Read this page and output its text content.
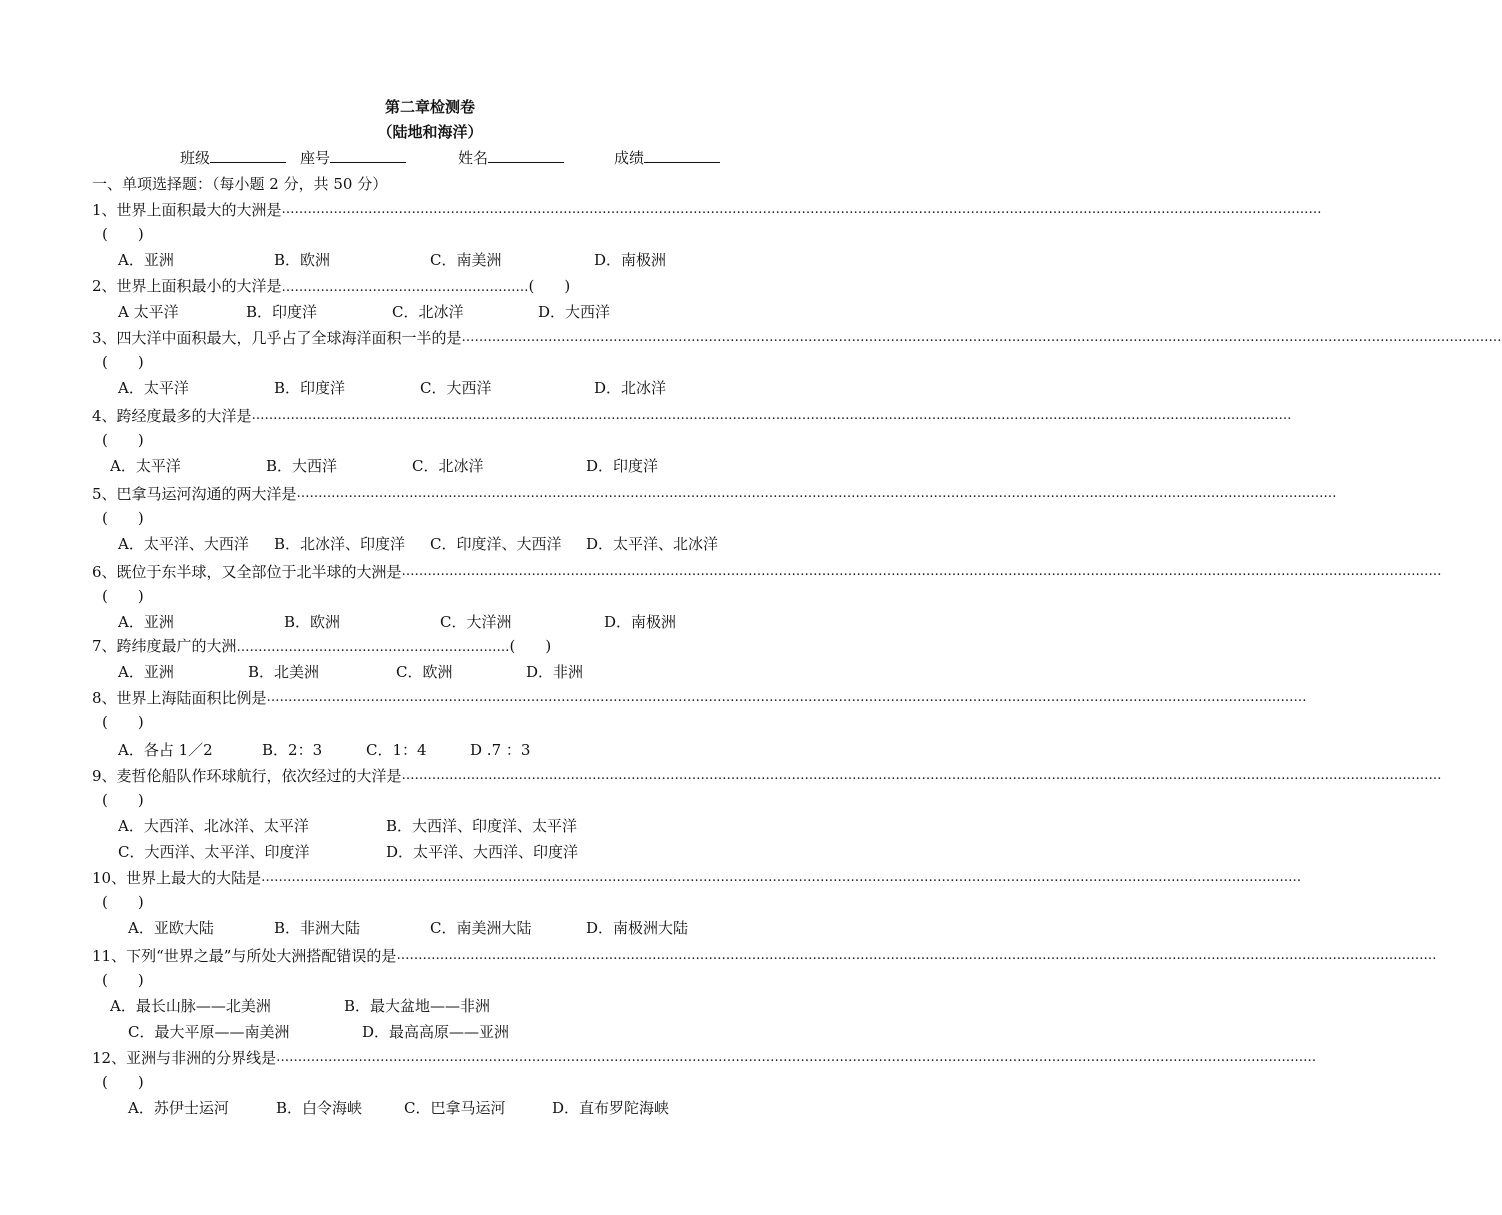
第二章检测卷
（陆地和海洋）
班级	座号	姓名	成绩
一、单项选择题：（每小题 2 分，共 50 分）
1、世界上面积最大的大洲是 ……………………………………………………………………………………………………………………………………………………………………………………………………………………
(　　)
A．亚洲	B．欧洲	C．南美洲	D．南极洲
2、世界上面积最小的大洋是…………………………………………………(　　)
A 太平洋	B．印度洋	C．北冰洋	D．大西洋
3、四大洋中面积最大，几乎占了全球海洋面积一半的是 ……………………………………………………………………………………………………………………………………………………………………………………………………………………
(　　)
A．太平洋	B．印度洋	C．大西洋	D．北冰洋
4、跨经度最多的大洋是 ……………………………………………………………………………………………………………………………………………………………………………………………………………………
(　　)
A．太平洋	B．大西洋	C．北冰洋	D．印度洋
5、巴拿马运河沟通的两大洋是 ……………………………………………………………………………………………………………………………………………………………………………………………………………………
(　　)
A．太平洋、大西洋 B．北冰洋、印度洋 C．印度洋、大西洋 D．太平洋、北冰洋
6、既位于东半球，又全部位于北半球的大洲是 ……………………………………………………………………………………………………………………………………………………………………………………………………………………
(　　)
A．亚洲	B．欧洲	C．大洋洲	D．南极洲
7、跨纬度最广的大洲………………………………………………………(　　)
A．亚洲	B．北美洲	C．欧洲	D．非洲
8、世界上海陆面积比例是 ……………………………………………………………………………………………………………………………………………………………………………………………………………………
(　　)
A．各占 1／2	B．2：3	C．1：4	D .7 ：3
9、麦哲伦船队作环球航行，依次经过的大洋是 ……………………………………………………………………………………………………………………………………………………………………………………………………………………
(　　)
A．大西洋、北冰洋、太平洋	B．大西洋、印度洋、太平洋
C．大西洋、太平洋、印度洋	D．太平洋、大西洋、印度洋
10、世界上最大的大陆是 ……………………………………………………………………………………………………………………………………………………………………………………………………………………
(　　)
A．亚欧大陆	B．非洲大陆	C．南美洲大陆	D．南极洲大陆
11、下列“世界之最”与所处大洲搭配错误的是 ……………………………………………………………………………………………………………………………………………………………………………………………………………………
(　　)
A．最长山脉——北美洲	B．最大盆地——非洲
C．最大平原——南美洲	D．最高高原——亚洲
12、亚洲与非洲的分界线是 ……………………………………………………………………………………………………………………………………………………………………………………………………………………
(　　)
A．苏伊士运河	B．白令海峡	C．巴拿马运河	D．直布罗陀海峡
